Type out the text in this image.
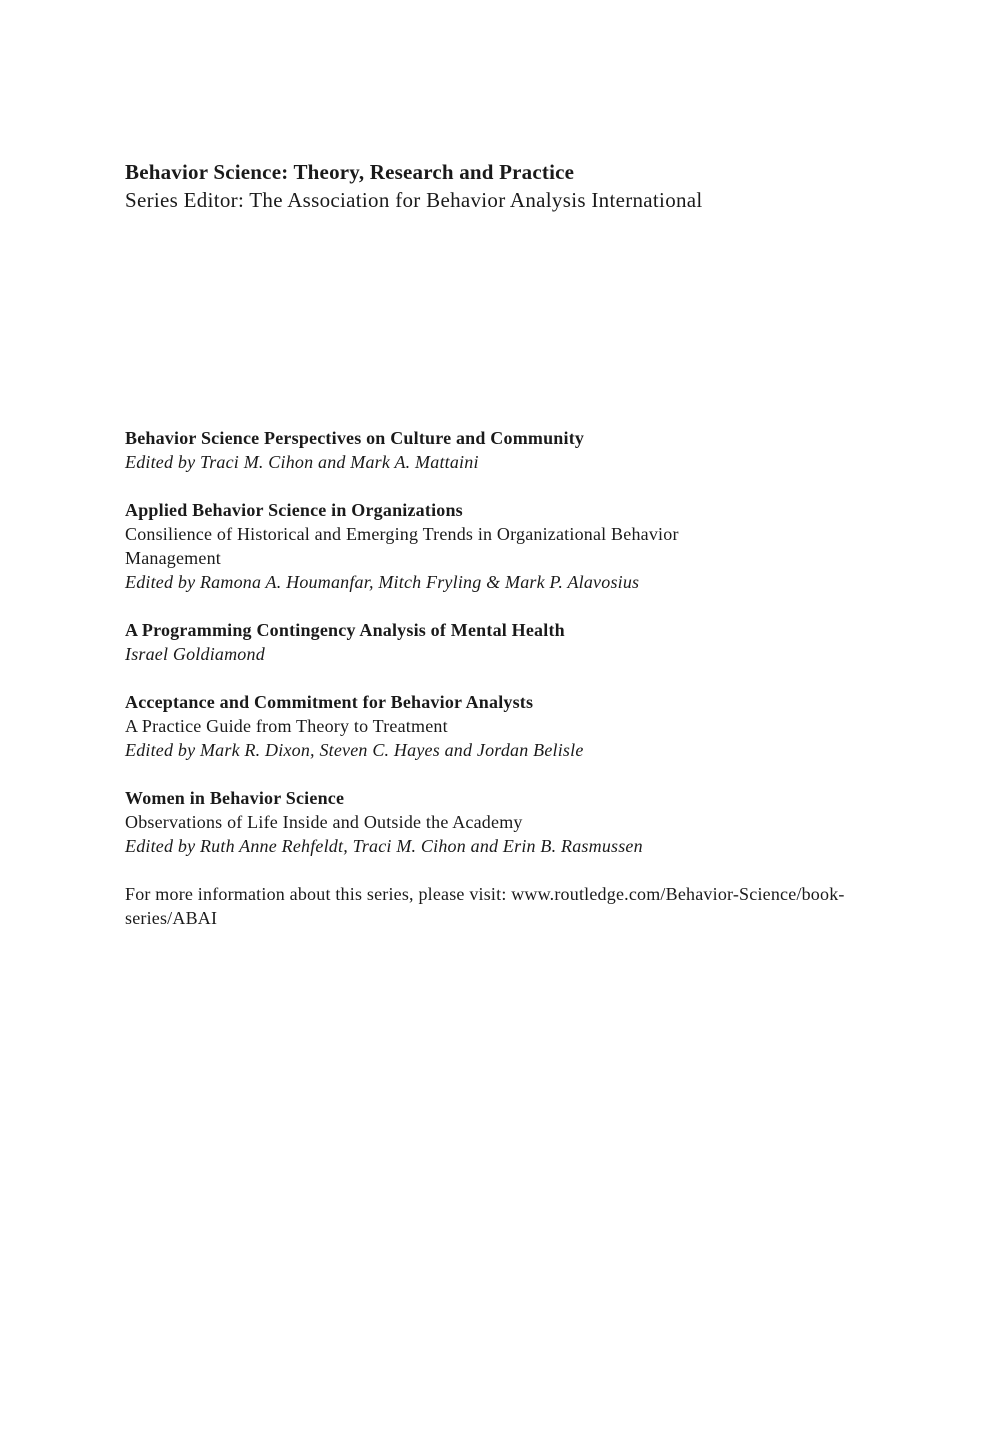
Behavior Science: Theory, Research and Practice

Series Editor: The Association for Behavior Analysis International

Behavior Science Perspectives on Culture and Community
Edited by Traci M. Cihon and Mark A. Mattaini
Applied Behavior Science in Organizations
Consilience of Historical and Emerging Trends in Organizational Behavior Management
Edited by Ramona A. Houmanfar, Mitch Fryling & Mark P. Alavosius
A Programming Contingency Analysis of Mental Health
Israel Goldiamond
Acceptance and Commitment for Behavior Analysts
A Practice Guide from Theory to Treatment
Edited by Mark R. Dixon, Steven C. Hayes and Jordan Belisle
Women in Behavior Science
Observations of Life Inside and Outside the Academy
Edited by Ruth Anne Rehfeldt, Traci M. Cihon and Erin B. Rasmussen

For more information about this series, please visit: www.routledge.com/Behavior-Science/book-series/ABAI
